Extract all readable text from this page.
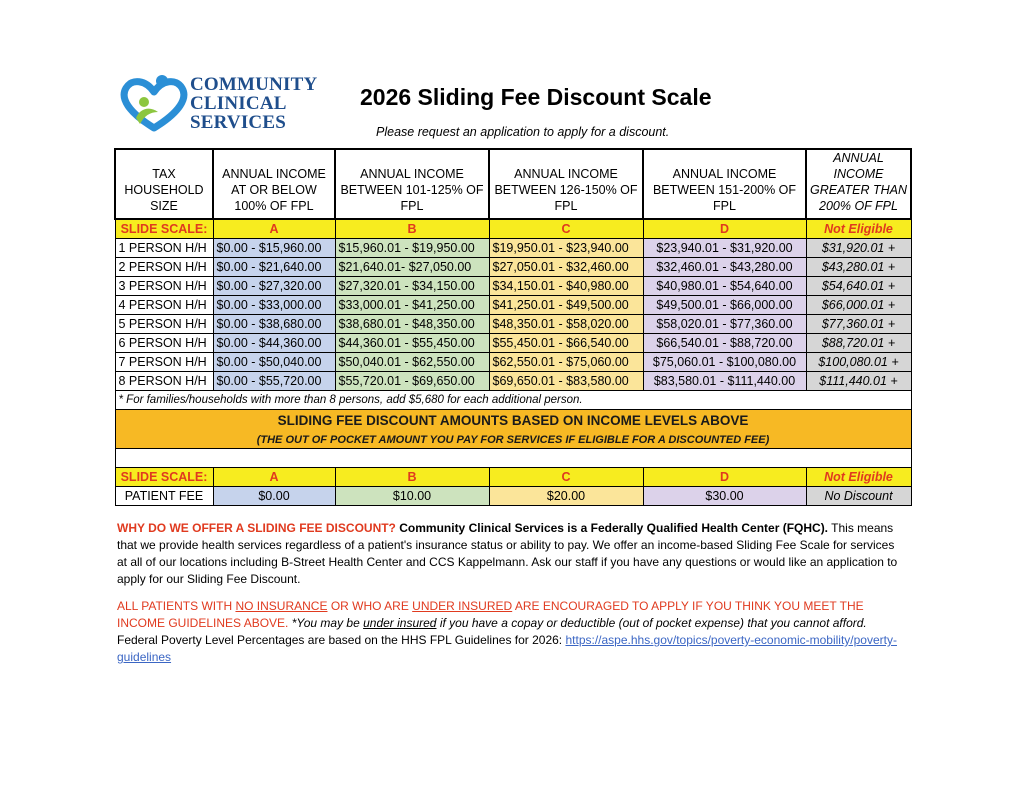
COMMUNITY
CLINICAL
SERVICES
2026 Sliding Fee Discount Scale
Please request an application to apply for a discount.
TAX HOUSEHOLD SIZE	ANNUAL INCOME AT OR BELOW 100% OF FPL	ANNUAL INCOME BETWEEN 101-125% OF FPL	ANNUAL INCOME BETWEEN 126-150% OF FPL	ANNUAL INCOME BETWEEN 151-200% OF FPL	ANNUAL INCOME GREATER THAN 200% OF FPL
SLIDE SCALE:	A	B	C	D	Not Eligible
1 PERSON H/H	$0.00 - $15,960.00	$15,960.01 - $19,950.00	$19,950.01 - $23,940.00	$23,940.01 - $31,920.00	$31,920.01 +
2 PERSON H/H	$0.00 - $21,640.00	$21,640.01- $27,050.00	$27,050.01 - $32,460.00	$32,460.01 - $43,280.00	$43,280.01 +
3 PERSON H/H	$0.00 - $27,320.00	$27,320.01 - $34,150.00	$34,150.01 - $40,980.00	$40,980.01 - $54,640.00	$54,640.01 +
4 PERSON H/H	$0.00 - $33,000.00	$33,000.01 - $41,250.00	$41,250.01 - $49,500.00	$49,500.01 - $66,000.00	$66,000.01 +
5 PERSON H/H	$0.00 - $38,680.00	$38,680.01 - $48,350.00	$48,350.01 - $58,020.00	$58,020.01 - $77,360.00	$77,360.01 +
6 PERSON H/H	$0.00 - $44,360.00	$44,360.01 - $55,450.00	$55,450.01 - $66,540.00	$66,540.01 - $88,720.00	$88,720.01 +
7 PERSON H/H	$0.00 - $50,040.00	$50,040.01 - $62,550.00	$62,550.01 - $75,060.00	$75,060.01 - $100,080.00	$100,080.01 +
8 PERSON H/H	$0.00 - $55,720.00	$55,720.01 - $69,650.00	$69,650.01 - $83,580.00	$83,580.01 - $111,440.00	$111,440.01 +
* For families/households with more than 8 persons, add $5,680 for each additional person.					
SLIDING FEE DISCOUNT AMOUNTS BASED ON INCOME LEVELS ABOVE					
(THE OUT OF POCKET AMOUNT YOU PAY FOR SERVICES IF ELIGIBLE FOR A DISCOUNTED FEE)					

SLIDE SCALE:	A	B	C	D	Not Eligible
PATIENT FEE	$0.00	$10.00	$20.00	$30.00	No Discount
WHY DO WE OFFER A SLIDING FEE DISCOUNT? Community Clinical Services is a Federally Qualified Health Center (FQHC). This means that we provide health services regardless of a patient's insurance status or ability to pay. We offer an income-based Sliding Fee Scale for services at all of our locations including B-Street Health Center and CCS Kappelmann. Ask our staff if you have any questions or would like an application to apply for our Sliding Fee Discount.
ALL PATIENTS WITH NO INSURANCE OR WHO ARE UNDER INSURED ARE ENCOURAGED TO APPLY IF YOU THINK YOU MEET THE INCOME GUIDELINES ABOVE. *You may be under insured if you have a copay or deductible (out of pocket expense) that you cannot afford.
Federal Poverty Level Percentages are based on the HHS FPL Guidelines for 2026: https://aspe.hhs.gov/topics/poverty-economic-mobility/poverty-guidelines
